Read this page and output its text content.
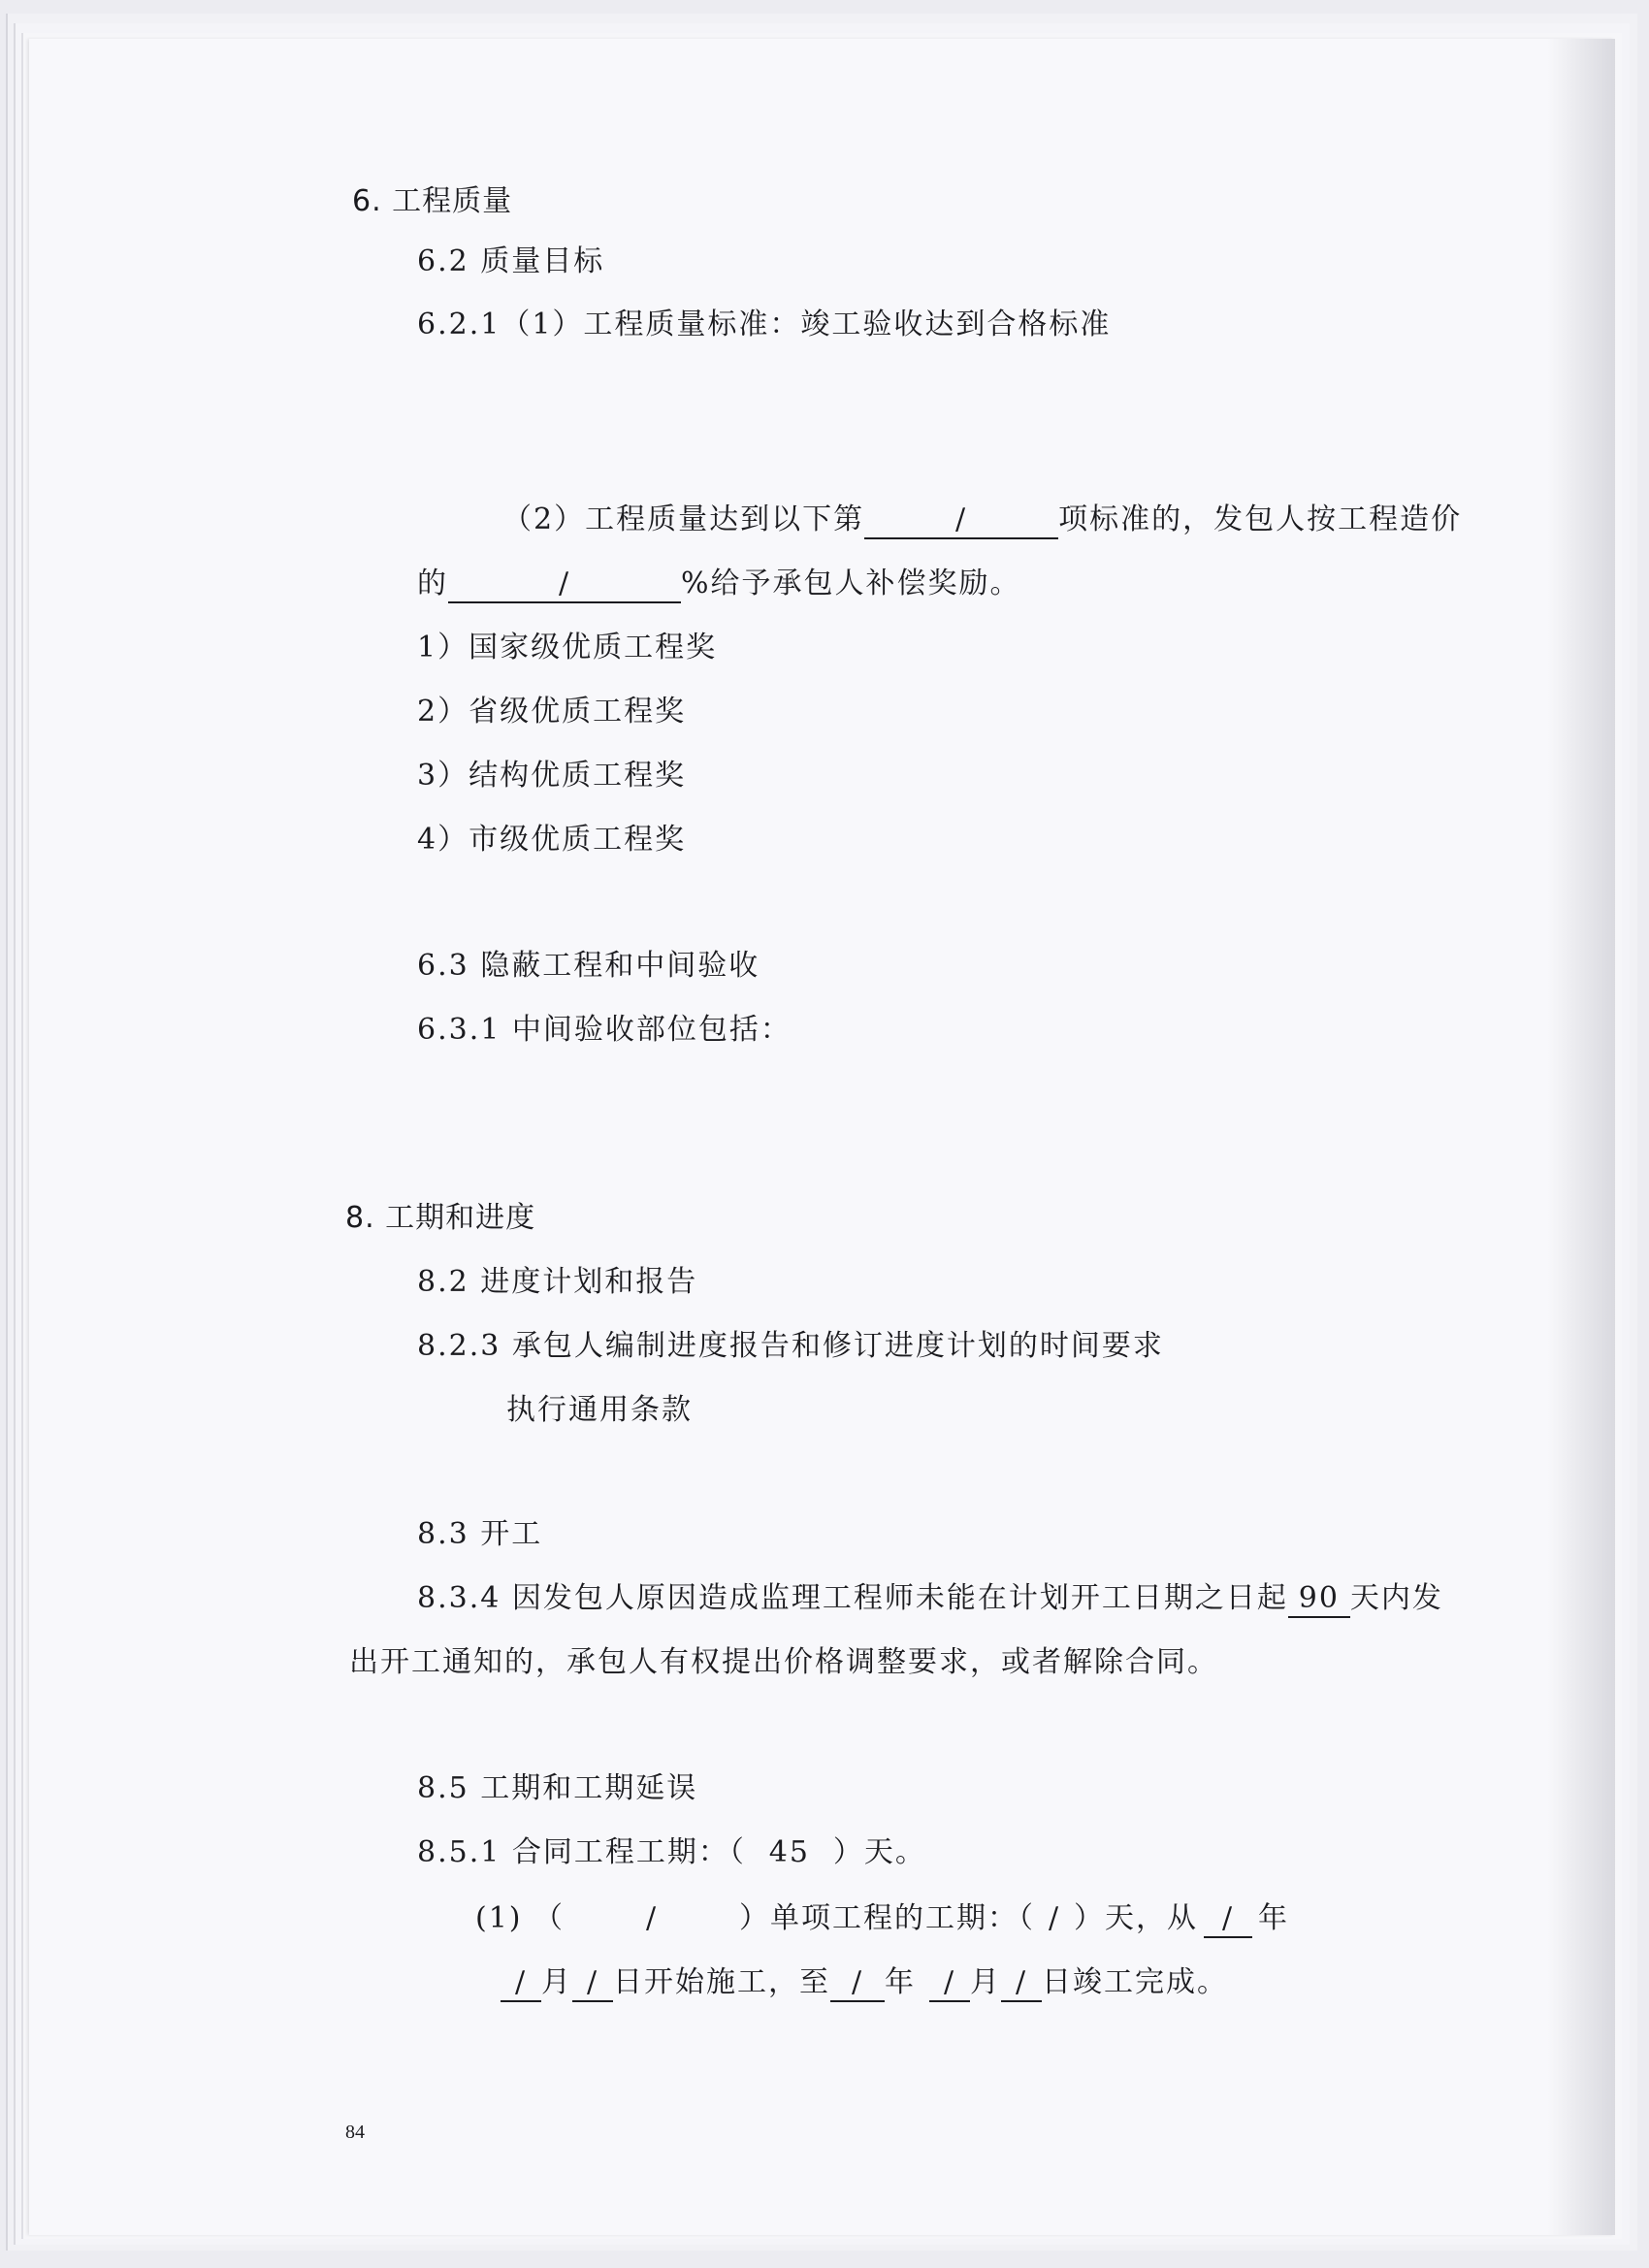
6. 工程质量
6.2 质量目标
6.2.1（1）工程质量标准：竣工验收达到合格标准
（2）工程质量达到以下第	/	项标准的，发包人按工程造价
的	/	%给予承包人补偿奖励。
1）国家级优质工程奖
2）省级优质工程奖
3）结构优质工程奖
4）市级优质工程奖
6.3 隐蔽工程和中间验收
6.3.1 中间验收部位包括：
8. 工期和进度
8.2 进度计划和报告
8.2.3 承包人编制进度报告和修订进度计划的时间要求
执行通用条款
8.3 开工
8.3.4 因发包人原因造成监理工程师未能在计划开工日期之日起 90 天内发
出开工通知的，承包人有权提出价格调整要求，或者解除合同。
8.5 工期和工期延误
8.5.1 合同工程工期：（ 45 ）天。
(1) （	/	）单项工程的工期：（ / ）天，从 / 年
/ 月 / 日开始施工，至 / 年 / 月 / 日竣工完成。
84
